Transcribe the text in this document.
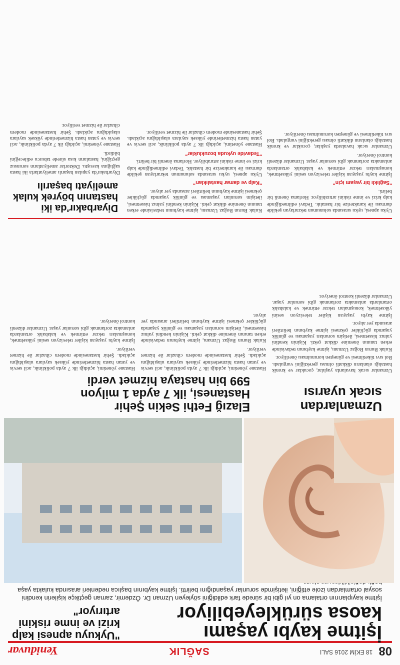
08
18 EKİM 2016 SALI
SAĞLIK
Yeniduvar
İşitme kaybı yaşamı
kaosa sürükleyebiliyor
İşitme kayıplarının ortalama on yıl gibi bir sürede fark edildiğini söyleyen Uzman Dr. Özdemir, zaman geçtikçe kişilerin kendini sosyal ortamlardan izole ettiğini, iletişimde sorunlar yaşandığını belirtti. İşitme kaybının başlıca nedenleri arasında kulakta yaşa
"Uykuyu apnesi kalp
krizi ve inme riskini
artırıyor"
Elazığ Fethi Sekin Şehir
Hastanesi, ilk 7 ayda 1 milyon
599 bin hastaya hizmet verdi
Uzmanlardan
sıcak uyarısı

Uzmanlar sıcak havalarda yaşlılar, çocuklar ve kronik hastalığı olanların dikkatli olması gerektiğini vurguladı. Bol sıvı tüketilmesi ve güneşten korunulması öneriliyor.

Kulak Burun Boğaz Uzmanı, işitme kaybının tedavisinde erken tanının önemine dikkat çekti. Kişinin kendini yalnız hissetmesi, iletişim sorunları yaşaması ve günlük yaşamda güçlükler çekmesi işitme kaybının belirtileri arasında yer alıyor.

İşitme kaybı yaşayan kişiler televizyon sesini yükseltmek, konuşmaları tekrar ettirmek ve kalabalık ortamlarda anlamakta zorlanmak gibi sorunlar yaşar. Uzmanlar düzenli kontrol öneriyor.

Hastane yönetimi, açıldığı ilk 7 ayda poliklinik, acil servis ve yatan hasta hizmetlerinde yüksek sayılara ulaşıldığını açıkladı. Şehir hastanesinde modern cihazlar ile hizmet veriliyor.

Kulak Burun Boğaz Uzmanı, işitme kaybının tedavisinde erken tanının önemine dikkat çekti. Kişinin kendini yalnız hissetmesi, iletişim sorunları yaşaması ve günlük yaşamda güçlükler çekmesi işitme kaybının belirtileri arasında yer alıyor.

Hastane yönetimi, açıldığı ilk 7 ayda poliklinik, acil servis ve yatan hasta hizmetlerinde yüksek sayılara ulaşıldığını açıkladı. Şehir hastanesinde modern cihazlar ile hizmet veriliyor.

İşitme kaybı yaşayan kişiler televizyon sesini yükseltmek, konuşmaları tekrar ettirmek ve kalabalık ortamlarda anlamakta zorlanmak gibi sorunlar yaşar. Uzmanlar düzenli kontrol öneriyor.

Diyarbakır'da iki
hastanın böyrek kulak
ameliyatı başarılı

Uyku apnesi, uyku sırasında solunumun tekrarlayan şekilde durması ile karakterize bir hastalık. Tedavi edilmediğinde kalp krizi ve inme riskini artırabiliyor. Horlama önemli bir belirti.

"Sağlıklı bir yaşam için"

İşitme kaybı yaşayan kişiler televizyon sesini yükseltmek, konuşmaları tekrar ettirmek ve kalabalık ortamlarda anlamakta zorlanmak gibi sorunlar yaşar. Uzmanlar düzenli kontrol öneriyor.

Uzmanlar sıcak havalarda yaşlılar, çocuklar ve kronik hastalığı olanların dikkatli olması gerektiğini vurguladı. Bol sıvı tüketilmesi ve güneşten korunulması öneriliyor.

Kulak Burun Boğaz Uzmanı, işitme kaybının tedavisinde erken tanının önemine dikkat çekti. Kişinin kendini yalnız hissetmesi, iletişim sorunları yaşaması ve günlük yaşamda güçlükler çekmesi işitme kaybının belirtileri arasında yer alıyor.

"Kalp ve damar hastalıkları"

Uyku apnesi, uyku sırasında solunumun tekrarlayan şekilde durması ile karakterize bir hastalık. Tedavi edilmediğinde kalp krizi ve inme riskini artırabiliyor. Horlama önemli bir belirti.

"Tedavide uykuda bozukluklar"

Hastane yönetimi, açıldığı ilk 7 ayda poliklinik, acil servis ve yatan hasta hizmetlerinde yüksek sayılara ulaşıldığını açıkladı. Şehir hastanesinde modern cihazlar ile hizmet veriliyor.

Diyarbakır'da yapılan başarılı ameliyatlarla iki hasta sağlığına kavuştu. Doktorlar ameliyatların sorunsuz geçtiğini, hastaların kısa sürede taburcu edileceğini bildirdi.

Hastane yönetimi, açıldığı ilk 7 ayda poliklinik, acil servis ve yatan hasta hizmetlerinde yüksek sayılara ulaşıldığını açıkladı. Şehir hastanesinde modern cihazlar ile hizmet veriliyor.
